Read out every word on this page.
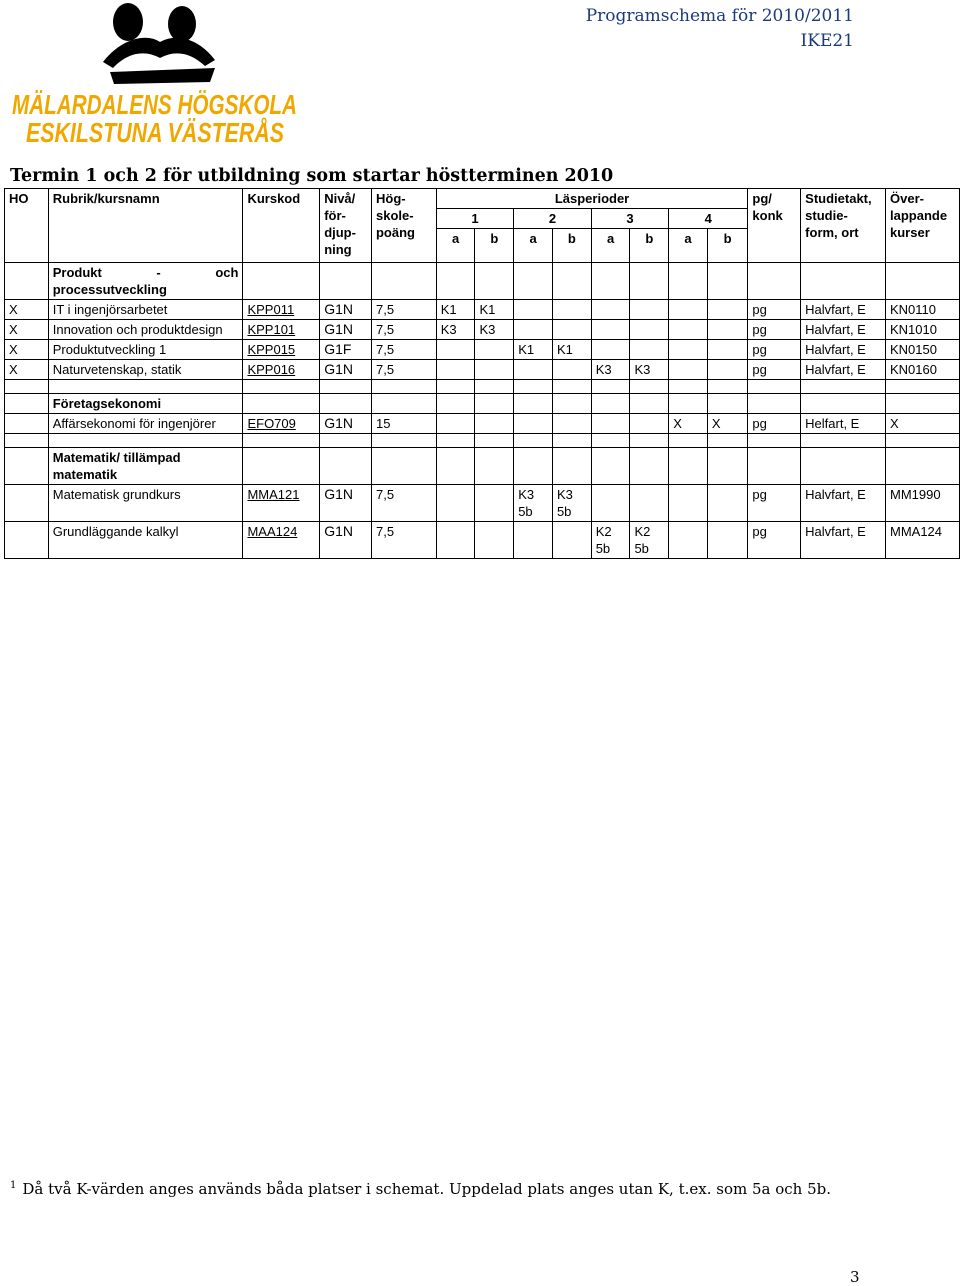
MÄLARDALENS HÖGSKOLA
ESKILSTUNA VÄSTERÅS
Programschema för 2010/2011
IKE21
Termin 1 och 2 för utbildning som startar höstterminen 2010
HO	Rubrik/kursnamn	Kurskod	Nivå/ för- djup- ning	Hög- skole- poäng	Läsperioder								pg/ konk	Studietakt, studie- form, ort	Över- lappande kurser
					1		2		3		4				
					a	b	a	b	a	b	a	b			
	Produkt - och processutveckling														
X	IT i ingenjörsarbetet	KPP011	G1N	7,5	K1	K1							pg	Halvfart, E	KN0110
X	Innovation och produktdesign	KPP101	G1N	7,5	K3	K3							pg	Halvfart, E	KN1010
X	Produktutveckling 1	KPP015	G1F	7,5			K1	K1					pg	Halvfart, E	KN0150
X	Naturvetenskap, statik	KPP016	G1N	7,5					K3	K3			pg	Halvfart, E	KN0160

	Företagsekonomi														
	Affärsekonomi för ingenjörer	EFO709	G1N	15							X	X	pg	Helfart, E	X

	Matematik/ tillämpad matematik														
	Matematisk grundkurs	MMA121	G1N	7,5			K3 5b	K3 5b					pg	Halvfart, E	MM1990
	Grundläggande kalkyl	MAA124	G1N	7,5					K2 5b	K2 5b			pg	Halvfart, E	MMA124
$^1$ Då två K-värden anges används båda platser i schemat. Uppdelad plats anges utan K, t.ex. som 5a och 5b.
3
